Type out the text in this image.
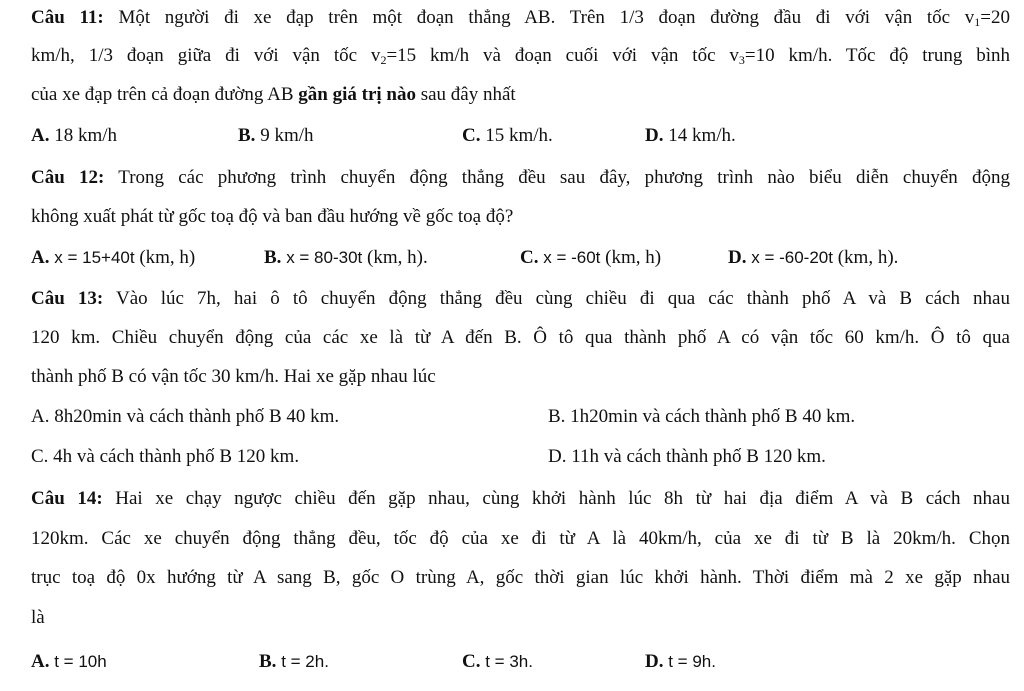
Câu 11: Một người đi xe đạp trên một đoạn thẳng AB. Trên 1/3 đoạn đường đầu đi với vận tốc $v_1=20$
km/h, 1/3 đoạn giữa đi với vận tốc $v_2=15$ km/h và đoạn cuối với vận tốc $v_3=10$ km/h. Tốc độ trung bình
của xe đạp trên cả đoạn đường AB gần giá trị nào sau đây nhất
A. 18 km/h	B. 9 km/h	C. 15 km/h.	D. 14 km/h.
Câu 12: Trong các phương trình chuyển động thẳng đều sau đây, phương trình nào biểu diễn chuyển động
không xuất phát từ gốc toạ độ và ban đầu hướng về gốc toạ độ?
A. x = 15+40t (km, h)	B. x = 80-30t (km, h).	C. x = -60t (km, h)	D. x = -60-20t (km, h).
Câu 13: Vào lúc 7h, hai ô tô chuyển động thẳng đều cùng chiều đi qua các thành phố A và B cách nhau
120 km. Chiều chuyển động của các xe là từ A đến B. Ô tô qua thành phố A có vận tốc 60 km/h. Ô tô qua
thành phố B có vận tốc 30 km/h. Hai xe gặp nhau lúc
A. 8h20min và cách thành phố B 40 km.	B. 1h20min và cách thành phố B 40 km.
C. 4h và cách thành phố B 120 km.	D. 11h và cách thành phố B 120 km.
Câu 14: Hai xe chạy ngược chiều đến gặp nhau, cùng khởi hành lúc 8h từ hai địa điểm A và B cách nhau
120km. Các xe chuyển động thẳng đều, tốc độ của xe đi từ A là 40km/h, của xe đi từ B là 20km/h. Chọn
trục toạ độ 0x hướng từ A sang B, gốc O trùng A, gốc thời gian lúc khởi hành. Thời điểm mà 2 xe gặp nhau
là
A. t = 10h	B. t = 2h.	C. t = 3h.	D. t = 9h.
